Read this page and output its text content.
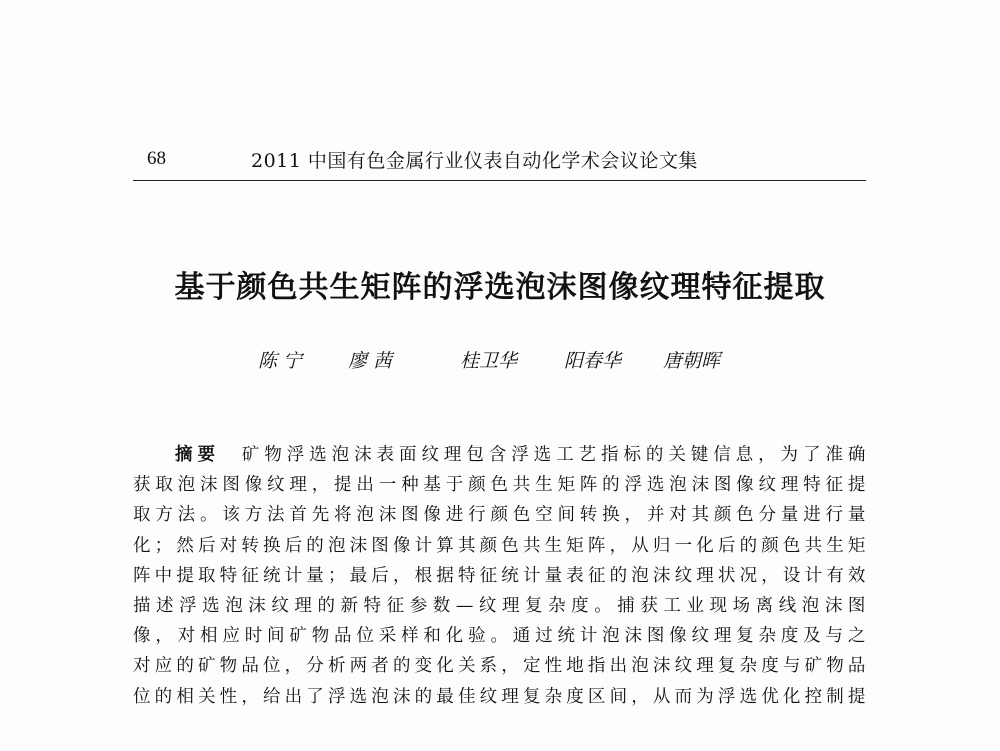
68	2011 中国有色金属行业仪表自动化学术会议论文集
基于颜色共生矩阵的浮选泡沫图像纹理特征提取
陈 宁 廖 茜	桂卫华 阳春华 唐朝晖
摘要 矿物浮选泡沫表面纹理包含浮选工艺指标的关键信息，为了准确
获取泡沫图像纹理，提出一种基于颜色共生矩阵的浮选泡沫图像纹理特征提
取方法。该方法首先将泡沫图像进行颜色空间转换，并对其颜色分量进行量
化；然后对转换后的泡沫图像计算其颜色共生矩阵，从归一化后的颜色共生矩
阵中提取特征统计量；最后，根据特征统计量表征的泡沫纹理状况，设计有效
描述浮选泡沫纹理的新特征参数—纹理复杂度。捕获工业现场离线泡沫图
像，对相应时间矿物品位采样和化验。通过统计泡沫图像纹理复杂度及与之
对应的矿物品位，分析两者的变化关系，定性地指出泡沫纹理复杂度与矿物品
位的相关性，给出了浮选泡沫的最佳纹理复杂度区间，从而为浮选优化控制提
